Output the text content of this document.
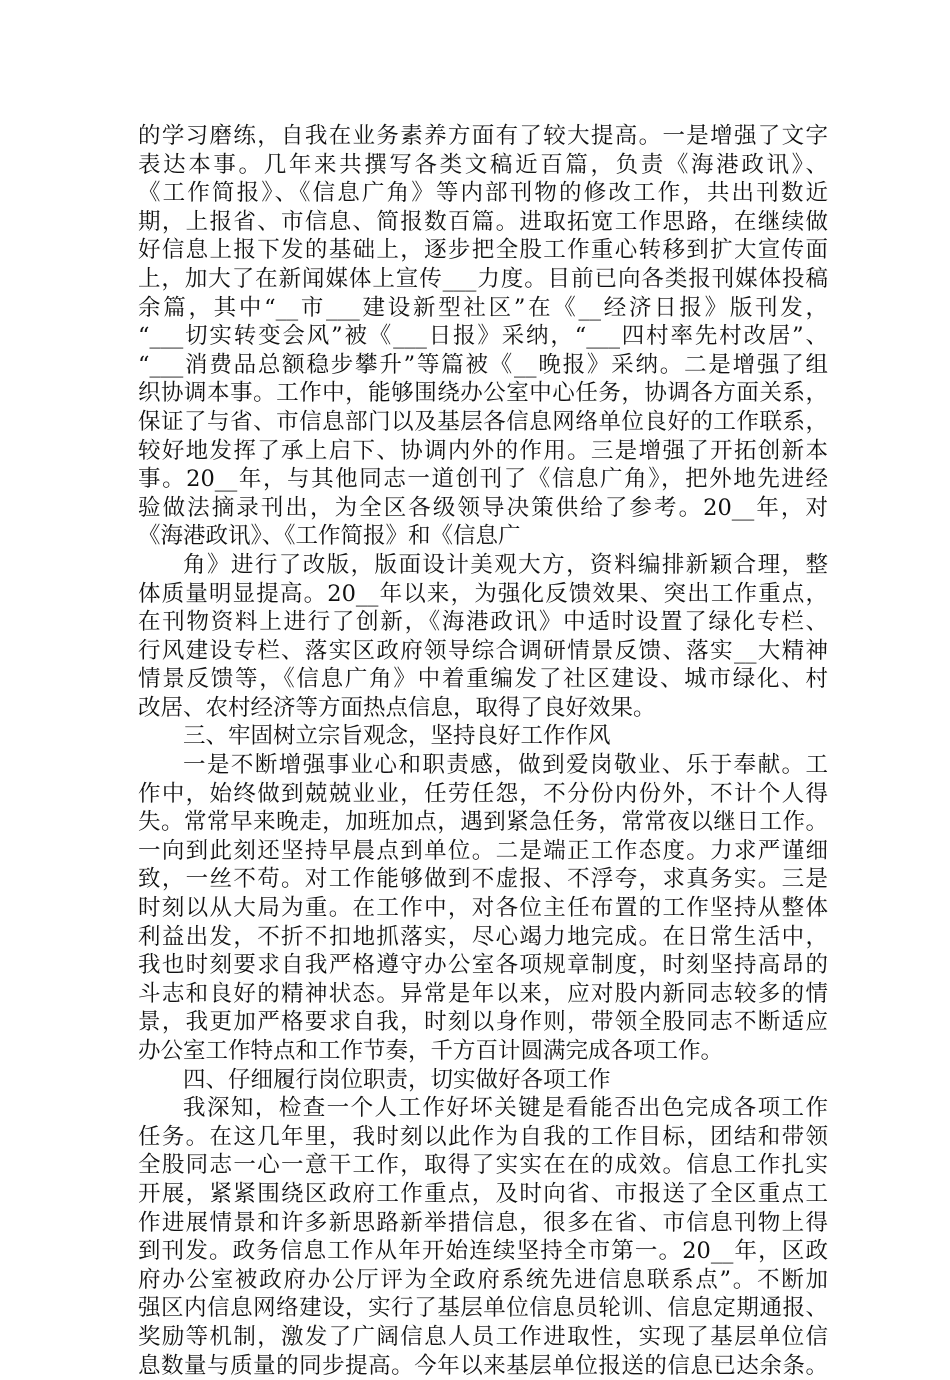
的学习磨练，自我在业务素养方面有了较大提高。一是增强了文字
表达本事。几年来共撰写各类文稿近百篇，负责《海港政讯》、
《工作简报》、《信息广角》等内部刊物的修改工作，共出刊数近
期，上报省、市信息、简报数百篇。进取拓宽工作思路，在继续做
好信息上报下发的基础上，逐步把全股工作重心转移到扩大宣传面
上，加大了在新闻媒体上宣传___力度。目前已向各类报刊媒体投稿
余篇，其中“__市___建设新型社区”在《__经济日报》版刊发，
“___切实转变会风”被《___日报》采纳，“___四村率先村改居”、
“___消费品总额稳步攀升”等篇被《__晚报》采纳。二是增强了组
织协调本事。工作中，能够围绕办公室中心任务，协调各方面关系，
保证了与省、市信息部门以及基层各信息网络单位良好的工作联系，
较好地发挥了承上启下、协调内外的作用。三是增强了开拓创新本
事。20__年，与其他同志一道创刊了《信息广角》，把外地先进经
验做法摘录刊出，为全区各级领导决策供给了参考。20__年，对
《海港政讯》、《工作简报》和《信息广
角》进行了改版，版面设计美观大方，资料编排新颖合理，整
体质量明显提高。20__年以来，为强化反馈效果、突出工作重点，
在刊物资料上进行了创新，《海港政讯》中适时设置了绿化专栏、
行风建设专栏、落实区政府领导综合调研情景反馈、落实__大精神
情景反馈等，《信息广角》中着重编发了社区建设、城市绿化、村
改居、农村经济等方面热点信息，取得了良好效果。
三、牢固树立宗旨观念，坚持良好工作作风
一是不断增强事业心和职责感，做到爱岗敬业、乐于奉献。工
作中，始终做到兢兢业业，任劳任怨，不分份内份外，不计个人得
失。常常早来晚走，加班加点，遇到紧急任务，常常夜以继日工作。
一向到此刻还坚持早晨点到单位。二是端正工作态度。力求严谨细
致，一丝不苟。对工作能够做到不虚报、不浮夸，求真务实。三是
时刻以从大局为重。在工作中，对各位主任布置的工作坚持从整体
利益出发，不折不扣地抓落实，尽心竭力地完成。在日常生活中，
我也时刻要求自我严格遵守办公室各项规章制度，时刻坚持高昂的
斗志和良好的精神状态。异常是年以来，应对股内新同志较多的情
景，我更加严格要求自我，时刻以身作则，带领全股同志不断适应
办公室工作特点和工作节奏，千方百计圆满完成各项工作。
四、仔细履行岗位职责，切实做好各项工作
我深知，检查一个人工作好坏关键是看能否出色完成各项工作
任务。在这几年里，我时刻以此作为自我的工作目标，团结和带领
全股同志一心一意干工作，取得了实实在在的成效。信息工作扎实
开展，紧紧围绕区政府工作重点，及时向省、市报送了全区重点工
作进展情景和许多新思路新举措信息，很多在省、市信息刊物上得
到刊发。政务信息工作从年开始连续坚持全市第一。20__年，区政
府办公室被政府办公厅评为全政府系统先进信息联系点”。不断加
强区内信息网络建设，实行了基层单位信息员轮训、信息定期通报、
奖励等机制，激发了广阔信息人员工作进取性，实现了基层单位信
息数量与质量的同步提高。今年以来基层单位报送的信息已达余条。
